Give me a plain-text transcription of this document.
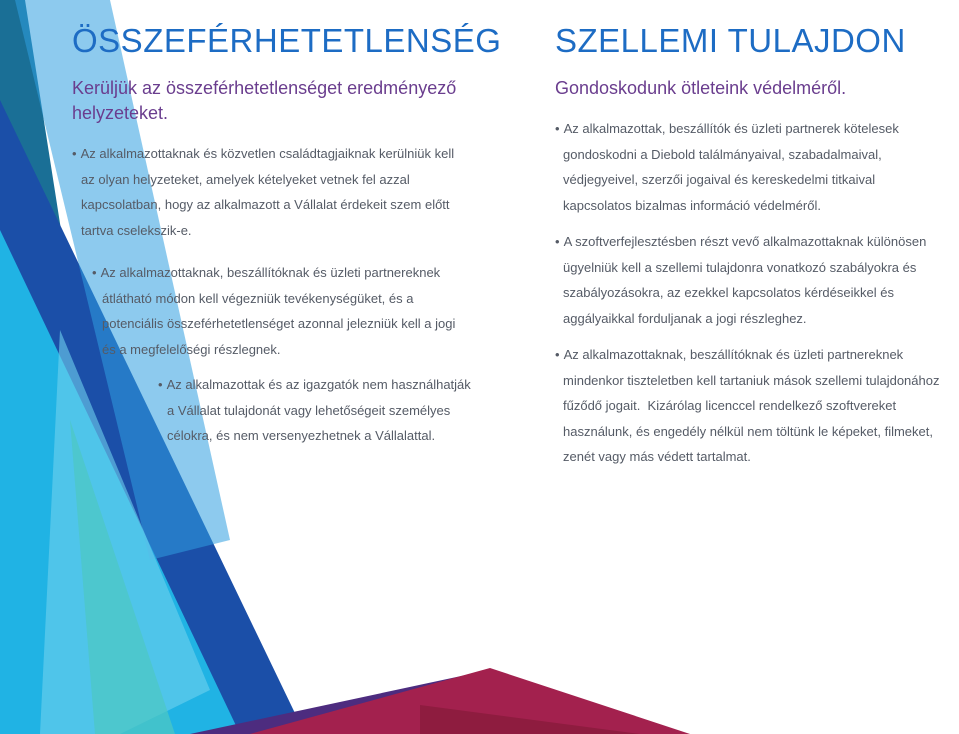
ÖSSZEFÉRHETETLENSÉG
Kerüljük az összeférhetetlenséget eredményező
helyzeteket.
• Az alkalmazottaknak és közvetlen családtagjaiknak kerülniük kell
az olyan helyzeteket, amelyek kételyeket vetnek fel azzal
kapcsolatban, hogy az alkalmazott a Vállalat érdekeit szem előtt
tartva cselekszik-e.
• Az alkalmazottaknak, beszállítóknak és üzleti partnereknek
átlátható módon kell végezniük tevékenységüket, és a
potenciális összeférhetetlenséget azonnal jelezniük kell a jogi
és a megfelelőségi részlegnek.
• Az alkalmazottak és az igazgatók nem használhatják
a Vállalat tulajdonát vagy lehetőségeit személyes
célokra, és nem versenyezhetnek a Vállalattal.
SZELLEMI TULAJDON
Gondoskodunk ötleteink védelméről.
• Az alkalmazottak, beszállítók és üzleti partnerek kötelesek
gondoskodni a Diebold találmányaival, szabadalmaival,
védjegyeivel, szerzői jogaival és kereskedelmi titkaival
kapcsolatos bizalmas információ védelméről.
• A szoftverfejlesztésben részt vevő alkalmazottaknak különösen
ügyelniük kell a szellemi tulajdonra vonatkozó szabályokra és
szabályozásokra, az ezekkel kapcsolatos kérdéseikkel és
aggályaikkal forduljanak a jogi részleghez.
• Az alkalmazottaknak, beszállítóknak és üzleti partnereknek
mindenkor tiszteletben kell tartaniuk mások szellemi tulajdonához
fűződő jogait.  Kizárólag licenccel rendelkező szoftvereket
használunk, és engedély nélkül nem töltünk le képeket, filmeket,
zenét vagy más védett tartalmat.
